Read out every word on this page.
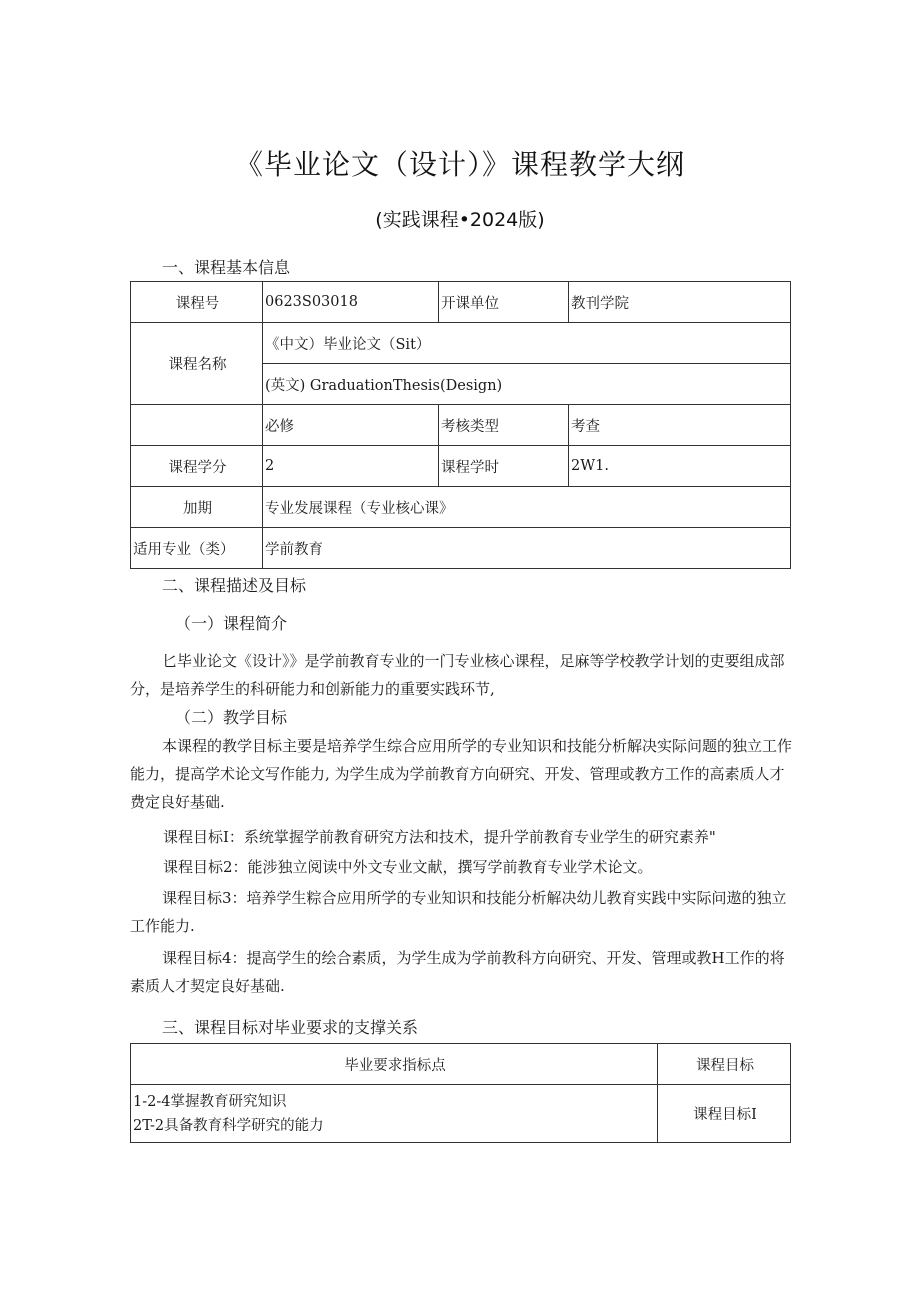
《毕业论文（设计）》课程教学大纲
(实践课程•2024版)
一、课程基本信息
课程号	0623S03018	开课单位	教刊学院
课程名称	《中文）毕业论文（Sit）		
	(英文) GraduationThesis(Design)		
	必修	考核类型	考查
课程学分	2	课程学时	2W1.
加期	专业发展课程（专业核心课》		
适用专业（类）	学前教育		
二、课程描述及目标
（一）课程简介

匕毕业论文《设计》》是学前教育专业的一门专业核心课程，足麻等学校教学计划的吏要组成部分，是培养学生的科研能力和创新能力的重要实践环节,

（二）教学目标

本课程的教学目标主要是培养学生综合应用所学的专业知识和技能分析解决实际问题的独立工作能力，提高学术论文写作能力, 为学生成为学前教育方向研究、开发、管理或教方工作的高素质人才费定良好基础.

课程目标I：系统掌握学前教育研究方法和技术，提升学前教育专业学生的研究素养"

课程目标2：能涉独立阅读中外文专业文献，撰写学前教育专业学术论文。

课程目标3：培养学生粽合应用所学的专业知识和技能分析解决幼儿教育实践中实际问遨的独立工作能力.

课程目标4：提高学生的绘合素质，为学生成为学前教科方向研究、开发、管理或教H工作的将素质人才契定良好基础.

三、课程目标对毕业要求的支撑关系
毕业要求指标点	课程目标

1-2-4掌握教育研究知识
2T-2具备教育科学研究的能力	课程目标I
